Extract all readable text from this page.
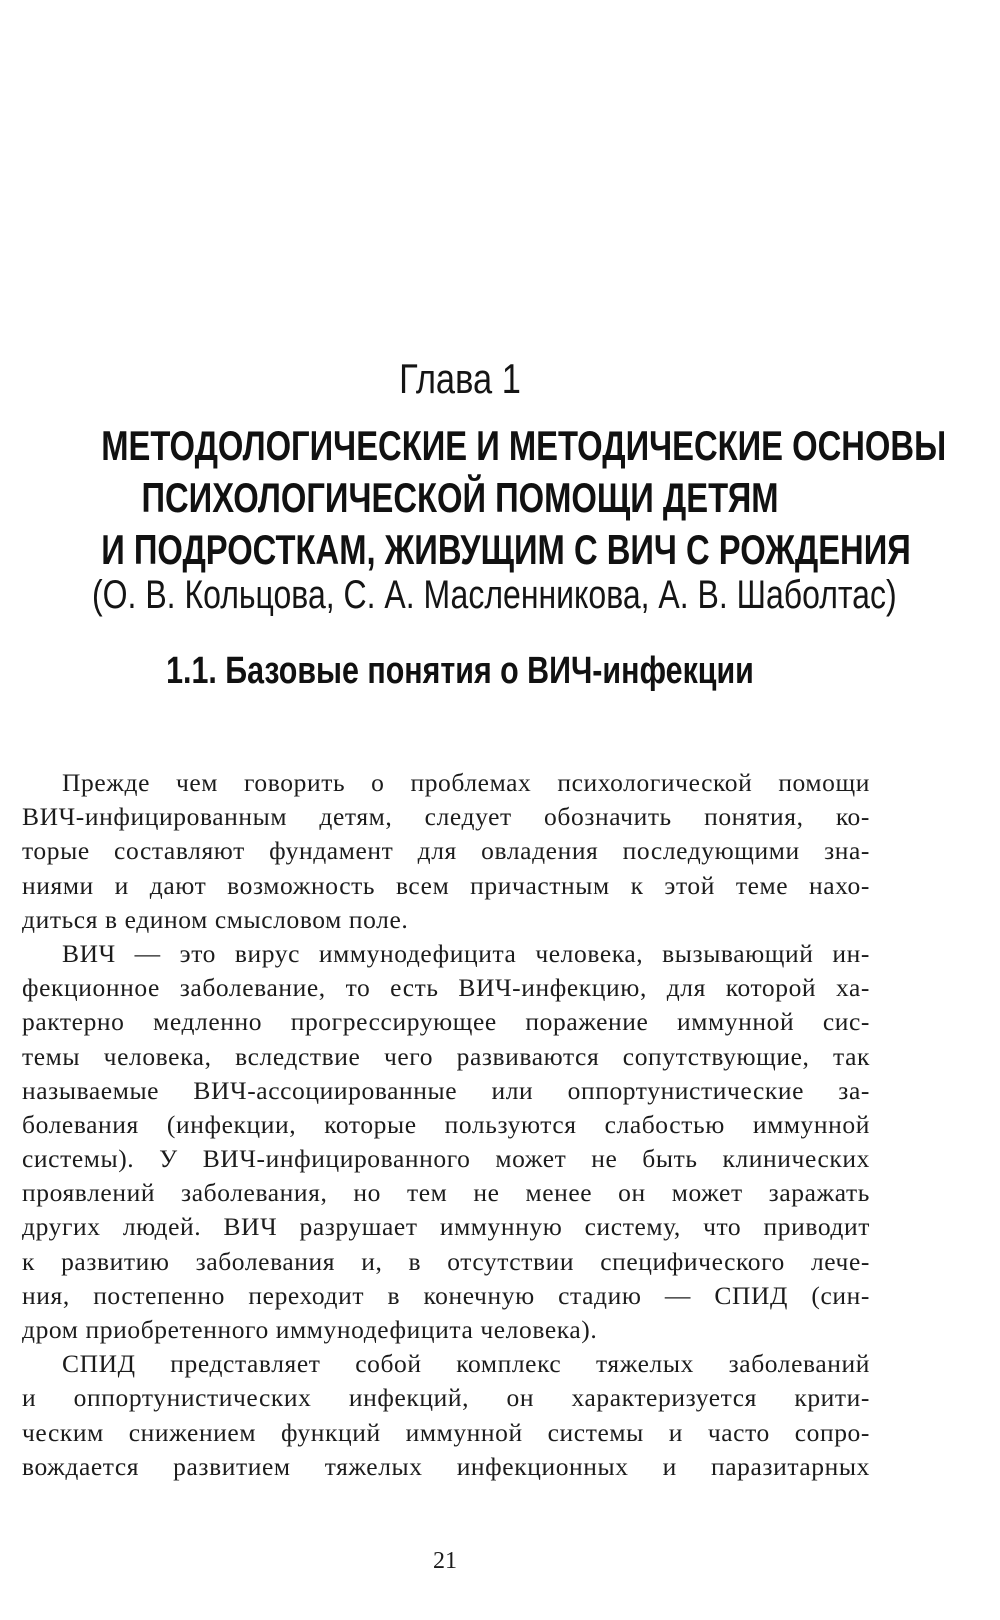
Глава 1
МЕТОДОЛОГИЧЕСКИЕ И МЕТОДИЧЕСКИЕ ОСНОВЫ
ПСИХОЛОГИЧЕСКОЙ ПОМОЩИ ДЕТЯМ
И ПОДРОСТКАМ, ЖИВУЩИМ С ВИЧ С РОЖДЕНИЯ
(О. В. Кольцова, С. А. Масленникова, А. В. Шаболтас)
1.1. Базовые понятия о ВИЧ-инфекции
Прежде чем говорить о проблемах психологической помощи
ВИЧ-инфицированным детям, следует обозначить понятия, ко-
торые составляют фундамент для овладения последующими зна-
ниями и дают возможность всем причастным к этой теме нахо-
диться в едином смысловом поле.
ВИЧ — это вирус иммунодефицита человека, вызывающий ин-
фекционное заболевание, то есть ВИЧ-инфекцию, для которой ха-
рактерно медленно прогрессирующее поражение иммунной сис-
темы человека, вследствие чего развиваются сопутствующие, так
называемые ВИЧ-ассоциированные или оппортунистические за-
болевания (инфекции, которые пользуются слабостью иммунной
системы). У ВИЧ-инфицированного может не быть клинических
проявлений заболевания, но тем не менее он может заражать
других людей. ВИЧ разрушает иммунную систему, что приводит
к развитию заболевания и, в отсутствии специфического лече-
ния, постепенно переходит в конечную стадию — СПИД (син-
дром приобретенного иммунодефицита человека).
СПИД представляет собой комплекс тяжелых заболеваний
и оппортунистических инфекций, он характеризуется крити-
ческим снижением функций иммунной системы и часто сопро-
вождается развитием тяжелых инфекционных и паразитарных
21
